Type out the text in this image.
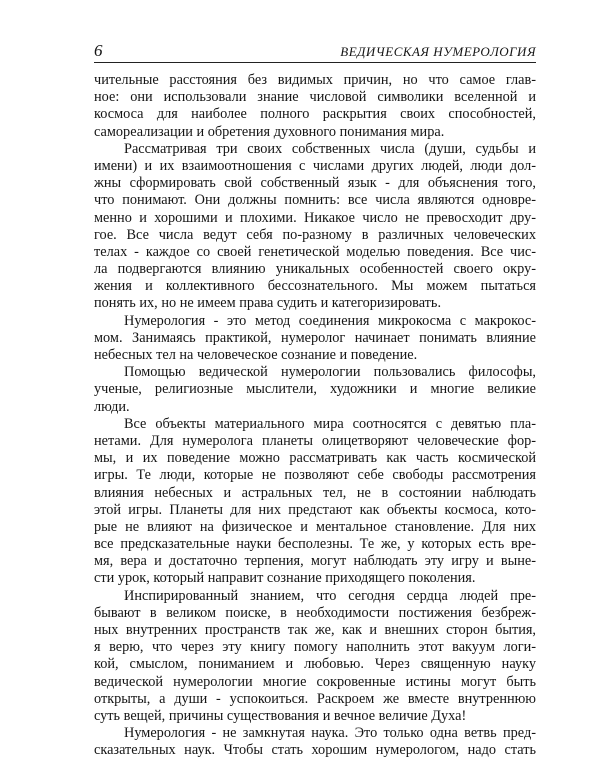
6	ВЕДИЧЕСКАЯ НУМЕРОЛОГИЯ
чительные расстояния без видимых причин, но что самое глав-
ное: они использовали знание числовой символики вселенной и
космоса для наиболее полного раскрытия своих способностей,
самореализации и обретения духовного понимания мира.
Рассматривая три своих собственных числа (души, судьбы и
имени) и их взаимоотношения с числами других людей, люди дол-
жны сформировать свой собственный язык - для объяснения того,
что понимают. Они должны помнить: все числа являются одновре-
менно и хорошими и плохими. Никакое число не превосходит дру-
гое. Все числа ведут себя по-разному в различных человеческих
телах - каждое со своей генетической моделью поведения. Все чис-
ла подвергаются влиянию уникальных особенностей своего окру-
жения и коллективного бессознательного. Мы можем пытаться
понять их, но не имеем права судить и категоризировать.
Нумерология - это метод соединения микрокосма с макрокос-
мом. Занимаясь практикой, нумеролог начинает понимать влияние
небесных тел на человеческое сознание и поведение.
Помощью ведической нумерологии пользовались философы,
ученые, религиозные мыслители, художники и многие великие
люди.
Все объекты материального мира соотносятся с девятью пла-
нетами. Для нумеролога планеты олицетворяют человеческие фор-
мы, и их поведение можно рассматривать как часть космической
игры. Те люди, которые не позволяют себе свободы рассмотрения
влияния небесных и астральных тел, не в состоянии наблюдать
этой игры. Планеты для них предстают как объекты космоса, кото-
рые не влияют на физическое и ментальное становление. Для них
все предсказательные науки бесполезны. Те же, у которых есть вре-
мя, вера и достаточно терпения, могут наблюдать эту игру и выне-
сти урок, который направит сознание приходящего поколения.
Инспирированный знанием, что сегодня сердца людей пре-
бывают в великом поиске, в необходимости постижения безбреж-
ных внутренних пространств так же, как и внешних сторон бытия,
я верю, что через эту книгу помогу наполнить этот вакуум логи-
кой, смыслом, пониманием и любовью. Через священную науку
ведической нумерологии многие сокровенные истины могут быть
открыты, а души - успокоиться. Раскроем же вместе внутреннюю
суть вещей, причины существования и вечное величие Духа!
Нумерология - не замкнутая наука. Это только одна ветвь пред-
сказательных наук. Чтобы стать хорошим нумерологом, надо стать
